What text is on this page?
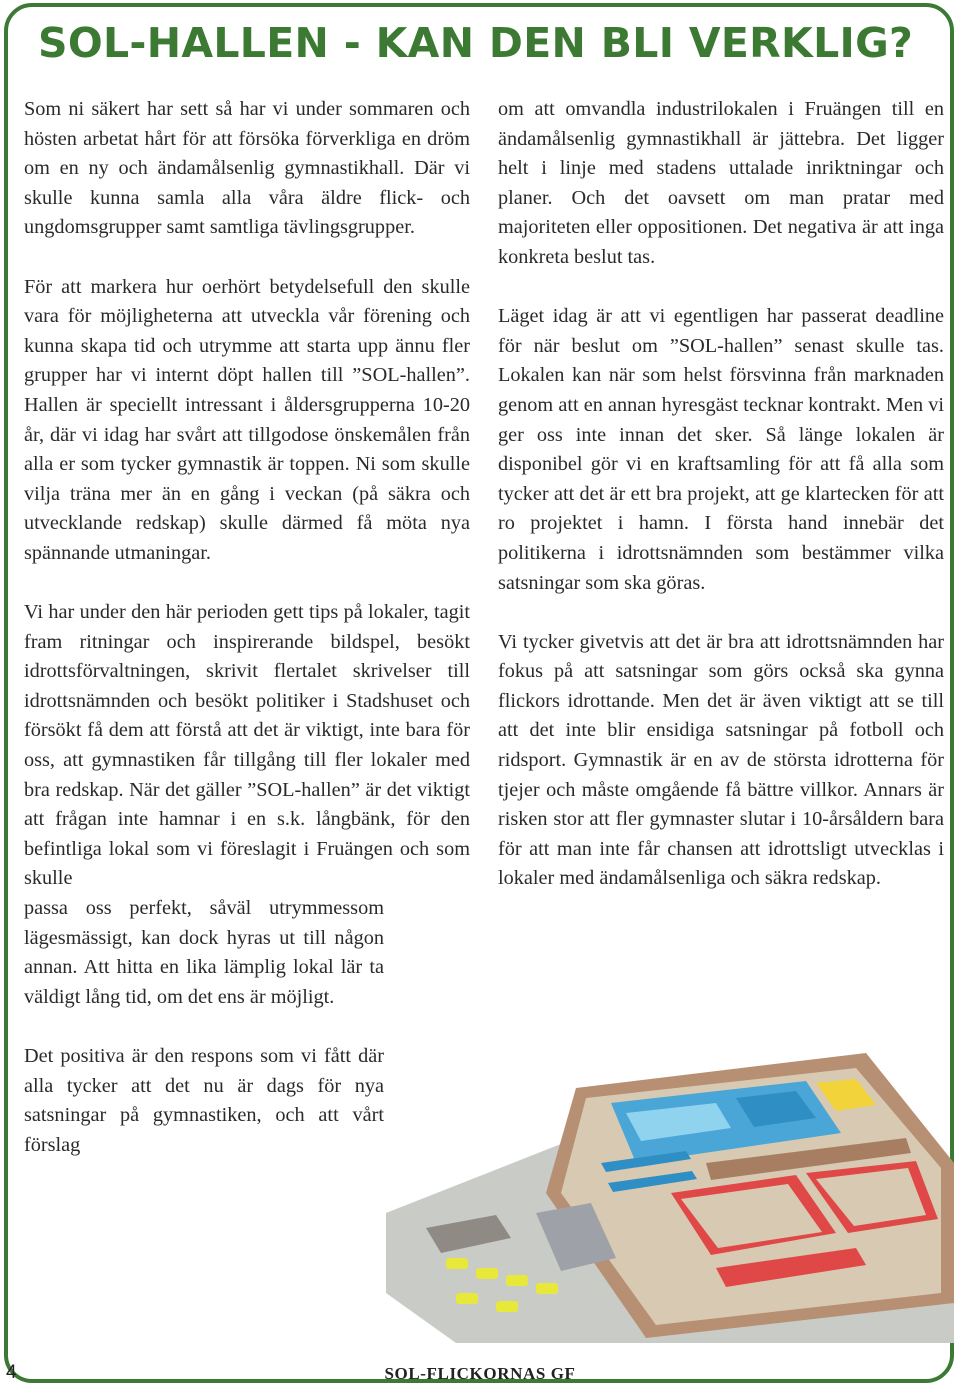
SOL-HALLEN - KAN DEN BLI VERKLIG?

Som ni säkert har sett så har vi under sommaren och hösten arbetat hårt för att försöka förverkliga en dröm om en ny och ändamålsenlig gymnastikhall. Där vi skulle kunna samla alla våra äldre flick- och ungdomsgrupper samt samtliga tävlingsgrupper.

För att markera hur oerhört betydelsefull den skulle vara för möjligheterna att utveckla vår förening och kunna skapa tid och utrymme att starta upp ännu fler grupper har vi internt döpt hallen till ”SOL-hallen”. Hallen är speciellt intressant i åldersgrupperna 10-20 år, där vi idag har svårt att tillgodose önskemålen från alla er som tycker gymnastik är toppen. Ni som skulle vilja träna mer än en gång i veckan (på säkra och utvecklande redskap) skulle därmed få möta nya spännande utmaningar.

Vi har under den här perioden gett tips på lokaler, tagit fram ritningar och inspirerande bildspel, besökt idrottsförvaltningen, skrivit flertalet skrivelser till idrottsnämnden och besökt politiker i Stadshuset och försökt få dem att förstå att det är viktigt, inte bara för oss, att gymnastiken får tillgång till fler lokaler med bra redskap. När det gäller ”SOL-hallen” är det viktigt att frågan inte hamnar i en s.k. långbänk, för den befintliga lokal som vi föreslagit i Fruängen och som skulle

passa oss perfekt, såväl utrymmessom lägesmässigt, kan dock hyras ut till någon annan. Att hitta en lika lämplig lokal lär ta väldigt lång tid, om det ens är möjligt.

Det positiva är den respons som vi fått där alla tycker att det nu är dags för nya satsningar på gymnastiken, och att vårt förslag

om att omvandla industrilokalen i Fruängen till en ändamålsenlig gymnastikhall är jättebra. Det ligger helt i linje med stadens uttalade inriktningar och planer. Och det oavsett om man pratar med majoriteten eller oppositionen. Det negativa är att inga konkreta beslut tas.

Läget idag är att vi egentligen har passerat deadline för när beslut om ”SOL-hallen” senast skulle tas. Lokalen kan när som helst försvinna från marknaden genom att en annan hyresgäst tecknar kontrakt. Men vi ger oss inte innan det sker. Så länge lokalen är disponibel gör vi en kraftsamling för att få alla som tycker att det är ett bra projekt, att ge klartecken för att ro projektet i hamn. I första hand innebär det politikerna i idrottsnämnden som bestämmer vilka satsningar som ska göras.

Vi tycker givetvis att det är bra att idrottsnämnden har fokus på att satsningar som görs också ska gynna flickors idrottande. Men det är även viktigt att se till att det inte blir ensidiga satsningar på fotboll och ridsport. Gymnastik är en av de största idrotterna för tjejer och måste omgående få bättre villkor. Annars är risken stor att fler gymnaster slutar i 10-årsåldern bara för att man inte får chansen att idrottsligt utvecklas i lokaler med ändamålsenliga och säkra redskap.

4	SOL-FLICKORNAS GF
